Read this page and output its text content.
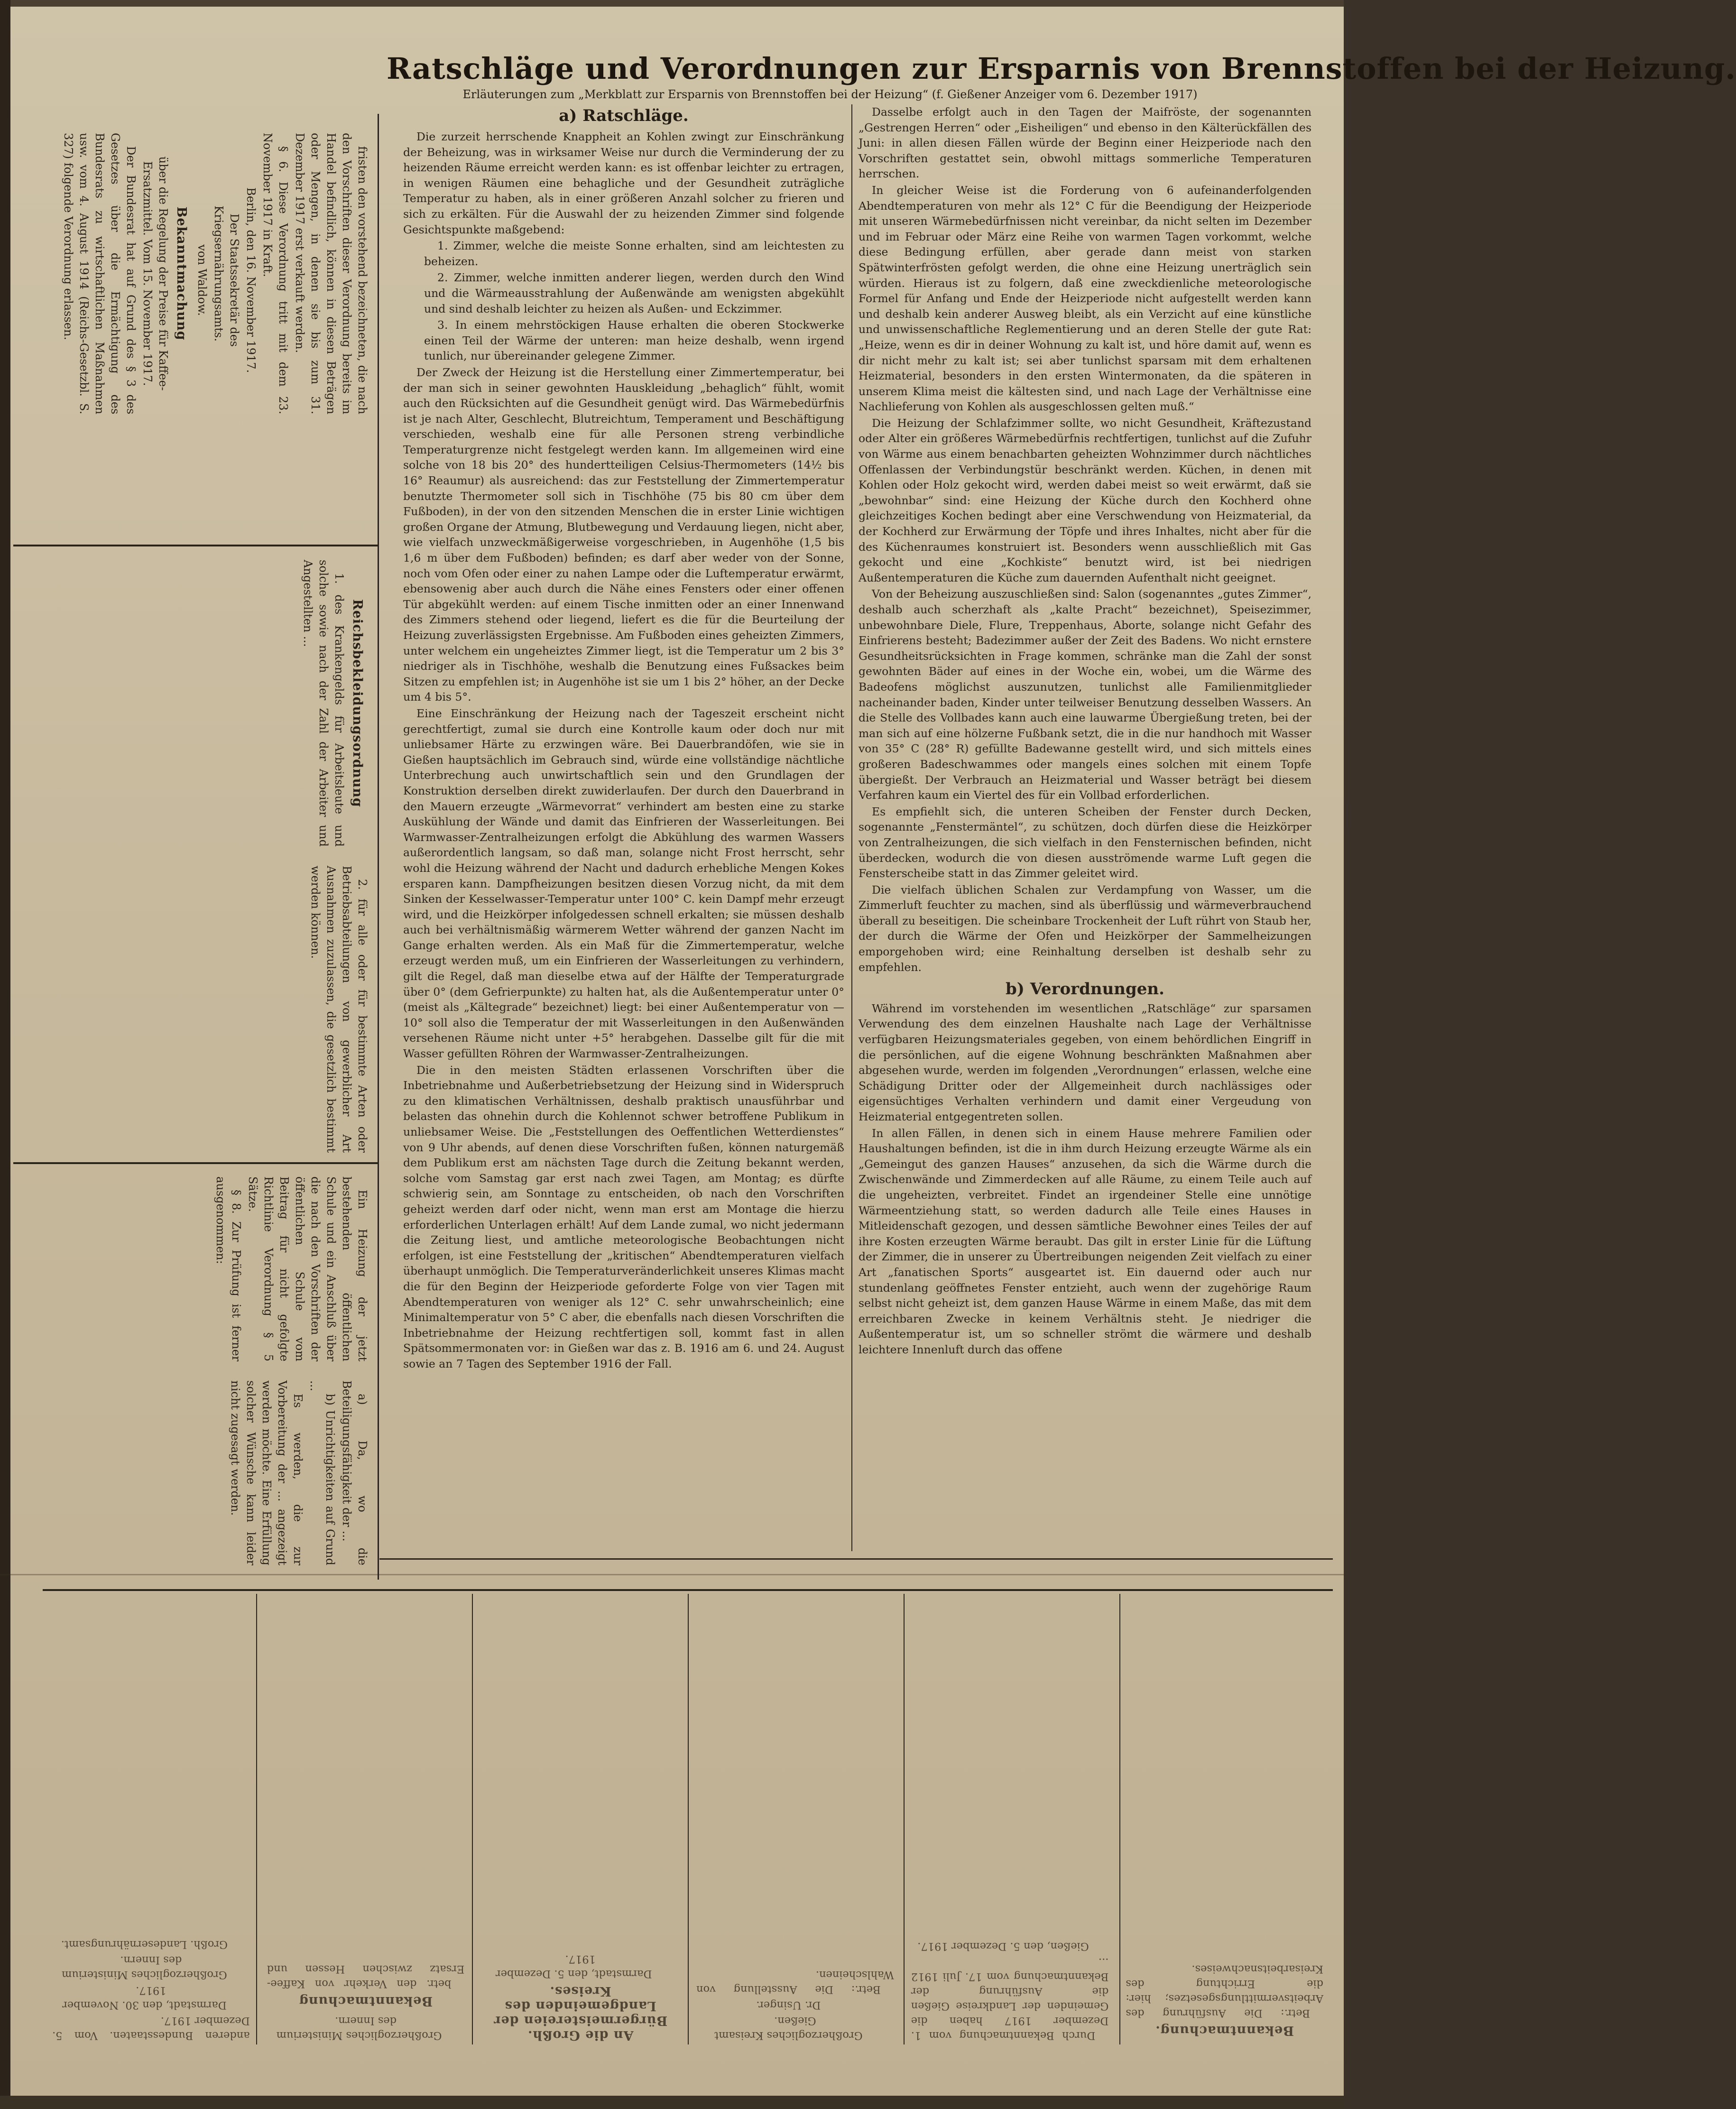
fristen den vorstehend bezeichneten, die nach den Vorschriften dieser Verordnung bereits im Handel befindlich, können in diesen Beträgen oder Mengen, in denen sie bis zum 31. Dezember 1917 erst verkauft werden.

§ 6. Diese Verordnung tritt mit dem 23. November 1917 in Kraft.

Berlin, den 16. November 1917.

Der Staatssekretär des Kriegsernährungsamts.

von Waldow.

Bekanntmachung

über die Regelung der Preise für Kaffee-Ersatzmittel. Vom 15. November 1917.

Der Bundesrat hat auf Grund des § 3 des Gesetzes über die Ermächtigung des Bundesrats zu wirtschaftlichen Maßnahmen usw. vom 4. August 1914 (Reichs-Gesetzbl. S. 327) folgende Verordnung erlassen.

Reichsbekleidungsordnung

1. des Krankengelds für Arbeitsleute und solche sowie nach der Zahl der Arbeiter und Angestellten ...

2. für alle oder für bestimmte Arten oder Betriebsabteilungen von gewerblicher Art Ausnahmen zuzulassen, die gesetzlich bestimmt werden können.

Ein Heizung der jetzt bestehenden öffentlichen Schule und ein Anschluß über die nach den Vorschriften der öffentlichen Schule vom Beitrag für nicht gefolgte Richtlinie Verordnung § 5 Sätze.

§ 8. Zur Prüfung ist ferner ausgenommen:

a) Da, wo die Beteiligungsfähigkeit der ...

b) Unrichtigkeiten auf Grund ...

Es werden, die zur Vorbereitung der ... angezeigt werden möchte. Eine Erfüllung solcher Wünsche kann leider nicht zugesagt werden.

Ratschläge und Verordnungen zur Ersparnis von Brennstoffen bei der Heizung.
Erläuterungen zum „Merkblatt zur Ersparnis von Brennstoffen bei der Heizung“ (f. Gießener Anzeiger vom 6. Dezember 1917)
a) Ratschläge.

Die zurzeit herrschende Knappheit an Kohlen zwingt zur Einschränkung der Beheizung, was in wirksamer Weise nur durch die Verminderung der zu heizenden Räume erreicht werden kann: es ist offenbar leichter zu ertragen, in wenigen Räumen eine behagliche und der Gesundheit zuträgliche Temperatur zu haben, als in einer größeren Anzahl solcher zu frieren und sich zu erkälten. Für die Auswahl der zu heizenden Zimmer sind folgende Gesichtspunkte maßgebend:

1. Zimmer, welche die meiste Sonne erhalten, sind am leichtesten zu beheizen.

2. Zimmer, welche inmitten anderer liegen, werden durch den Wind und die Wärmeausstrahlung der Außenwände am wenigsten abgekühlt und sind deshalb leichter zu heizen als Außen- und Eckzimmer.

3. In einem mehrstöckigen Hause erhalten die oberen Stockwerke einen Teil der Wärme der unteren: man heize deshalb, wenn irgend tunlich, nur übereinander gelegene Zimmer.

Der Zweck der Heizung ist die Herstellung einer Zimmertemperatur, bei der man sich in seiner gewohnten Hauskleidung „behaglich“ fühlt, womit auch den Rücksichten auf die Gesundheit genügt wird. Das Wärmebedürfnis ist je nach Alter, Geschlecht, Blutreichtum, Temperament und Beschäftigung verschieden, weshalb eine für alle Personen streng verbindliche Temperaturgrenze nicht festgelegt werden kann. Im allgemeinen wird eine solche von 18 bis 20° des hundertteiligen Celsius-Thermometers (14½ bis 16° Reaumur) als ausreichend: das zur Feststellung der Zimmertemperatur benutzte Thermometer soll sich in Tischhöhe (75 bis 80 cm über dem Fußboden), in der von den sitzenden Menschen die in erster Linie wichtigen großen Organe der Atmung, Blutbewegung und Verdauung liegen, nicht aber, wie vielfach unzweckmäßigerweise vorgeschrieben, in Augenhöhe (1,5 bis 1,6 m über dem Fußboden) befinden; es darf aber weder von der Sonne, noch vom Ofen oder einer zu nahen Lampe oder die Luftemperatur erwärmt, ebensowenig aber auch durch die Nähe eines Fensters oder einer offenen Tür abgekühlt werden: auf einem Tische inmitten oder an einer Innenwand des Zimmers stehend oder liegend, liefert es die für die Beurteilung der Heizung zuverlässigsten Ergebnisse. Am Fußboden eines geheizten Zimmers, unter welchem ein ungeheiztes Zimmer liegt, ist die Temperatur um 2 bis 3° niedriger als in Tischhöhe, weshalb die Benutzung eines Fußsackes beim Sitzen zu empfehlen ist; in Augenhöhe ist sie um 1 bis 2° höher, an der Decke um 4 bis 5°.

Eine Einschränkung der Heizung nach der Tageszeit erscheint nicht gerechtfertigt, zumal sie durch eine Kontrolle kaum oder doch nur mit unliebsamer Härte zu erzwingen wäre. Bei Dauerbrandöfen, wie sie in Gießen hauptsächlich im Gebrauch sind, würde eine vollständige nächtliche Unterbrechung auch unwirtschaftlich sein und den Grundlagen der Konstruktion derselben direkt zuwiderlaufen. Der durch den Dauerbrand in den Mauern erzeugte „Wärmevorrat“ verhindert am besten eine zu starke Auskühlung der Wände und damit das Einfrieren der Wasserleitungen. Bei Warmwasser-Zentralheizungen erfolgt die Abkühlung des warmen Wassers außerordentlich langsam, so daß man, solange nicht Frost herrscht, sehr wohl die Heizung während der Nacht und dadurch erhebliche Mengen Kokes ersparen kann. Dampfheizungen besitzen diesen Vorzug nicht, da mit dem Sinken der Kesselwasser-Temperatur unter 100° C. kein Dampf mehr erzeugt wird, und die Heizkörper infolgedessen schnell erkalten; sie müssen deshalb auch bei verhältnismäßig wärmerem Wetter während der ganzen Nacht im Gange erhalten werden. Als ein Maß für die Zimmertemperatur, welche erzeugt werden muß, um ein Einfrieren der Wasserleitungen zu verhindern, gilt die Regel, daß man dieselbe etwa auf der Hälfte der Temperaturgrade über 0° (dem Gefrierpunkte) zu halten hat, als die Außentemperatur unter 0° (meist als „Kältegrade“ bezeichnet) liegt: bei einer Außentemperatur von —10° soll also die Temperatur der mit Wasserleitungen in den Außenwänden versehenen Räume nicht unter +5° herabgehen. Dasselbe gilt für die mit Wasser gefüllten Röhren der Warmwasser-Zentralheizungen.

Die in den meisten Städten erlassenen Vorschriften über die Inbetriebnahme und Außerbetriebsetzung der Heizung sind in Widerspruch zu den klimatischen Verhältnissen, deshalb praktisch unausführbar und belasten das ohnehin durch die Kohlennot schwer betroffene Publikum in unliebsamer Weise. Die „Feststellungen des Oeffentlichen Wetterdienstes“ von 9 Uhr abends, auf denen diese Vorschriften fußen, können naturgemäß dem Publikum erst am nächsten Tage durch die Zeitung bekannt werden, solche vom Samstag gar erst nach zwei Tagen, am Montag; es dürfte schwierig sein, am Sonntage zu entscheiden, ob nach den Vorschriften geheizt werden darf oder nicht, wenn man erst am Montage die hierzu erforderlichen Unterlagen erhält! Auf dem Lande zumal, wo nicht jedermann die Zeitung liest, und amtliche meteorologische Beobachtungen nicht erfolgen, ist eine Feststellung der „kritischen“ Abendtemperaturen vielfach überhaupt unmöglich. Die Temperaturveränderlichkeit unseres Klimas macht die für den Beginn der Heizperiode geforderte Folge von vier Tagen mit Abendtemperaturen von weniger als 12° C. sehr unwahrscheinlich; eine Minimaltemperatur von 5° C aber, die ebenfalls nach diesen Vorschriften die Inbetriebnahme der Heizung rechtfertigen soll, kommt fast in allen Spätsommermonaten vor: in Gießen war das z. B. 1916 am 6. und 24. August sowie an 7 Tagen des September 1916 der Fall.

Dasselbe erfolgt auch in den Tagen der Maifröste, der sogenannten „Gestrengen Herren“ oder „Eisheiligen“ und ebenso in den Kälterückfällen des Juni: in allen diesen Fällen würde der Beginn einer Heizperiode nach den Vorschriften gestattet sein, obwohl mittags sommerliche Temperaturen herrschen.

In gleicher Weise ist die Forderung von 6 aufeinanderfolgenden Abendtemperaturen von mehr als 12° C für die Beendigung der Heizperiode mit unseren Wärmebedürfnissen nicht vereinbar, da nicht selten im Dezember und im Februar oder März eine Reihe von warmen Tagen vorkommt, welche diese Bedingung erfüllen, aber gerade dann meist von starken Spätwinterfrösten gefolgt werden, die ohne eine Heizung unerträglich sein würden. Hieraus ist zu folgern, daß eine zweckdienliche meteorologische Formel für Anfang und Ende der Heizperiode nicht aufgestellt werden kann und deshalb kein anderer Ausweg bleibt, als ein Verzicht auf eine künstliche und unwissenschaftliche Reglementierung und an deren Stelle der gute Rat: „Heize, wenn es dir in deiner Wohnung zu kalt ist, und höre damit auf, wenn es dir nicht mehr zu kalt ist; sei aber tunlichst sparsam mit dem erhaltenen Heizmaterial, besonders in den ersten Wintermonaten, da die späteren in unserem Klima meist die kältesten sind, und nach Lage der Verhältnisse eine Nachlieferung von Kohlen als ausgeschlossen gelten muß.“

Die Heizung der Schlafzimmer sollte, wo nicht Gesundheit, Kräftezustand oder Alter ein größeres Wärmebedürfnis rechtfertigen, tunlichst auf die Zufuhr von Wärme aus einem benachbarten geheizten Wohnzimmer durch nächtliches Offenlassen der Verbindungstür beschränkt werden. Küchen, in denen mit Kohlen oder Holz gekocht wird, werden dabei meist so weit erwärmt, daß sie „bewohnbar“ sind: eine Heizung der Küche durch den Kochherd ohne gleichzeitiges Kochen bedingt aber eine Verschwendung von Heizmaterial, da der Kochherd zur Erwärmung der Töpfe und ihres Inhaltes, nicht aber für die des Küchenraumes konstruiert ist. Besonders wenn ausschließlich mit Gas gekocht und eine „Kochkiste“ benutzt wird, ist bei niedrigen Außentemperaturen die Küche zum dauernden Aufenthalt nicht geeignet.

Von der Beheizung auszuschließen sind: Salon (sogenanntes „gutes Zimmer“, deshalb auch scherzhaft als „kalte Pracht“ bezeichnet), Speisezimmer, unbewohnbare Diele, Flure, Treppenhaus, Aborte, solange nicht Gefahr des Einfrierens besteht; Badezimmer außer der Zeit des Badens. Wo nicht ernstere Gesundheitsrücksichten in Frage kommen, schränke man die Zahl der sonst gewohnten Bäder auf eines in der Woche ein, wobei, um die Wärme des Badeofens möglichst auszunutzen, tunlichst alle Familienmitglieder nacheinander baden, Kinder unter teilweiser Benutzung desselben Wassers. An die Stelle des Vollbades kann auch eine lauwarme Übergießung treten, bei der man sich auf eine hölzerne Fußbank setzt, die in die nur handhoch mit Wasser von 35° C (28° R) gefüllte Badewanne gestellt wird, und sich mittels eines großeren Badeschwammes oder mangels eines solchen mit einem Topfe übergießt. Der Verbrauch an Heizmaterial und Wasser beträgt bei diesem Verfahren kaum ein Viertel des für ein Vollbad erforderlichen.

Es empfiehlt sich, die unteren Scheiben der Fenster durch Decken, sogenannte „Fenstermäntel“, zu schützen, doch dürfen diese die Heizkörper von Zentralheizungen, die sich vielfach in den Fensternischen befinden, nicht überdecken, wodurch die von diesen ausströmende warme Luft gegen die Fensterscheibe statt in das Zimmer geleitet wird.

Die vielfach üblichen Schalen zur Verdampfung von Wasser, um die Zimmerluft feuchter zu machen, sind als überflüssig und wärmeverbrauchend überall zu beseitigen. Die scheinbare Trockenheit der Luft rührt von Staub her, der durch die Wärme der Ofen und Heizkörper der Sammelheizungen emporgehoben wird; eine Reinhaltung derselben ist deshalb sehr zu empfehlen.

b) Verordnungen.

Während im vorstehenden im wesentlichen „Ratschläge“ zur sparsamen Verwendung des dem einzelnen Haushalte nach Lage der Verhältnisse verfügbaren Heizungsmateriales gegeben, von einem behördlichen Eingriff in die persönlichen, auf die eigene Wohnung beschränkten Maßnahmen aber abgesehen wurde, werden im folgenden „Verordnungen“ erlassen, welche eine Schädigung Dritter oder der Allgemeinheit durch nachlässiges oder eigensüchtiges Verhalten verhindern und damit einer Vergeudung von Heizmaterial entgegentreten sollen.

In allen Fällen, in denen sich in einem Hause mehrere Familien oder Haushaltungen befinden, ist die in ihm durch Heizung erzeugte Wärme als ein „Gemeingut des ganzen Hauses“ anzusehen, da sich die Wärme durch die Zwischenwände und Zimmerdecken auf alle Räume, zu einem Teile auch auf die ungeheizten, verbreitet. Findet an irgendeiner Stelle eine unnötige Wärmeentziehung statt, so werden dadurch alle Teile eines Hauses in Mitleidenschaft gezogen, und dessen sämtliche Bewohner eines Teiles der auf ihre Kosten erzeugten Wärme beraubt. Das gilt in erster Linie für die Lüftung der Zimmer, die in unserer zu Übertreibungen neigenden Zeit vielfach zu einer Art „fanatischen Sports“ ausgeartet ist. Ein dauernd oder auch nur stundenlang geöffnetes Fenster entzieht, auch wenn der zugehörige Raum selbst nicht geheizt ist, dem ganzen Hause Wärme in einem Maße, das mit dem erreichbaren Zwecke in keinem Verhältnis steht. Je niedriger die Außentemperatur ist, um so schneller strömt die wärmere und deshalb leichtere Innenluft durch das offene

Bekanntmachung.

Betr.: Die Ausführung des Arbeitsvermittlungsgesetzes; hier: die Errichtung des Kreisarbeitsnachweises.

Durch Bekanntmachung vom 1. Dezember 1917 haben die Gemeinden der Landkreise Gießen die Ausführung der Bekanntmachung vom 17. Juli 1912 ...

Gießen, den 5. Dezember 1917.

Großherzogliches Kreisamt Gießen.

Dr. Usinger.

Betr.: Die Ausstellung von Wahlscheinen.

An die Großh. Bürgermeistereien der Landgemeinden des Kreises.

Darmstadt, den 5. Dezember 1917.

Großherzogliches Ministerium des Innern.

Bekanntmachung

betr. den Verkehr von Kaffee-Ersatz zwischen Hessen und anderen Bundesstaaten. Vom 5. Dezember 1917.

Darmstadt, den 30. November 1917.

Großherzogliches Ministerium des Innern.

Großh. Landesernährungsamt.
